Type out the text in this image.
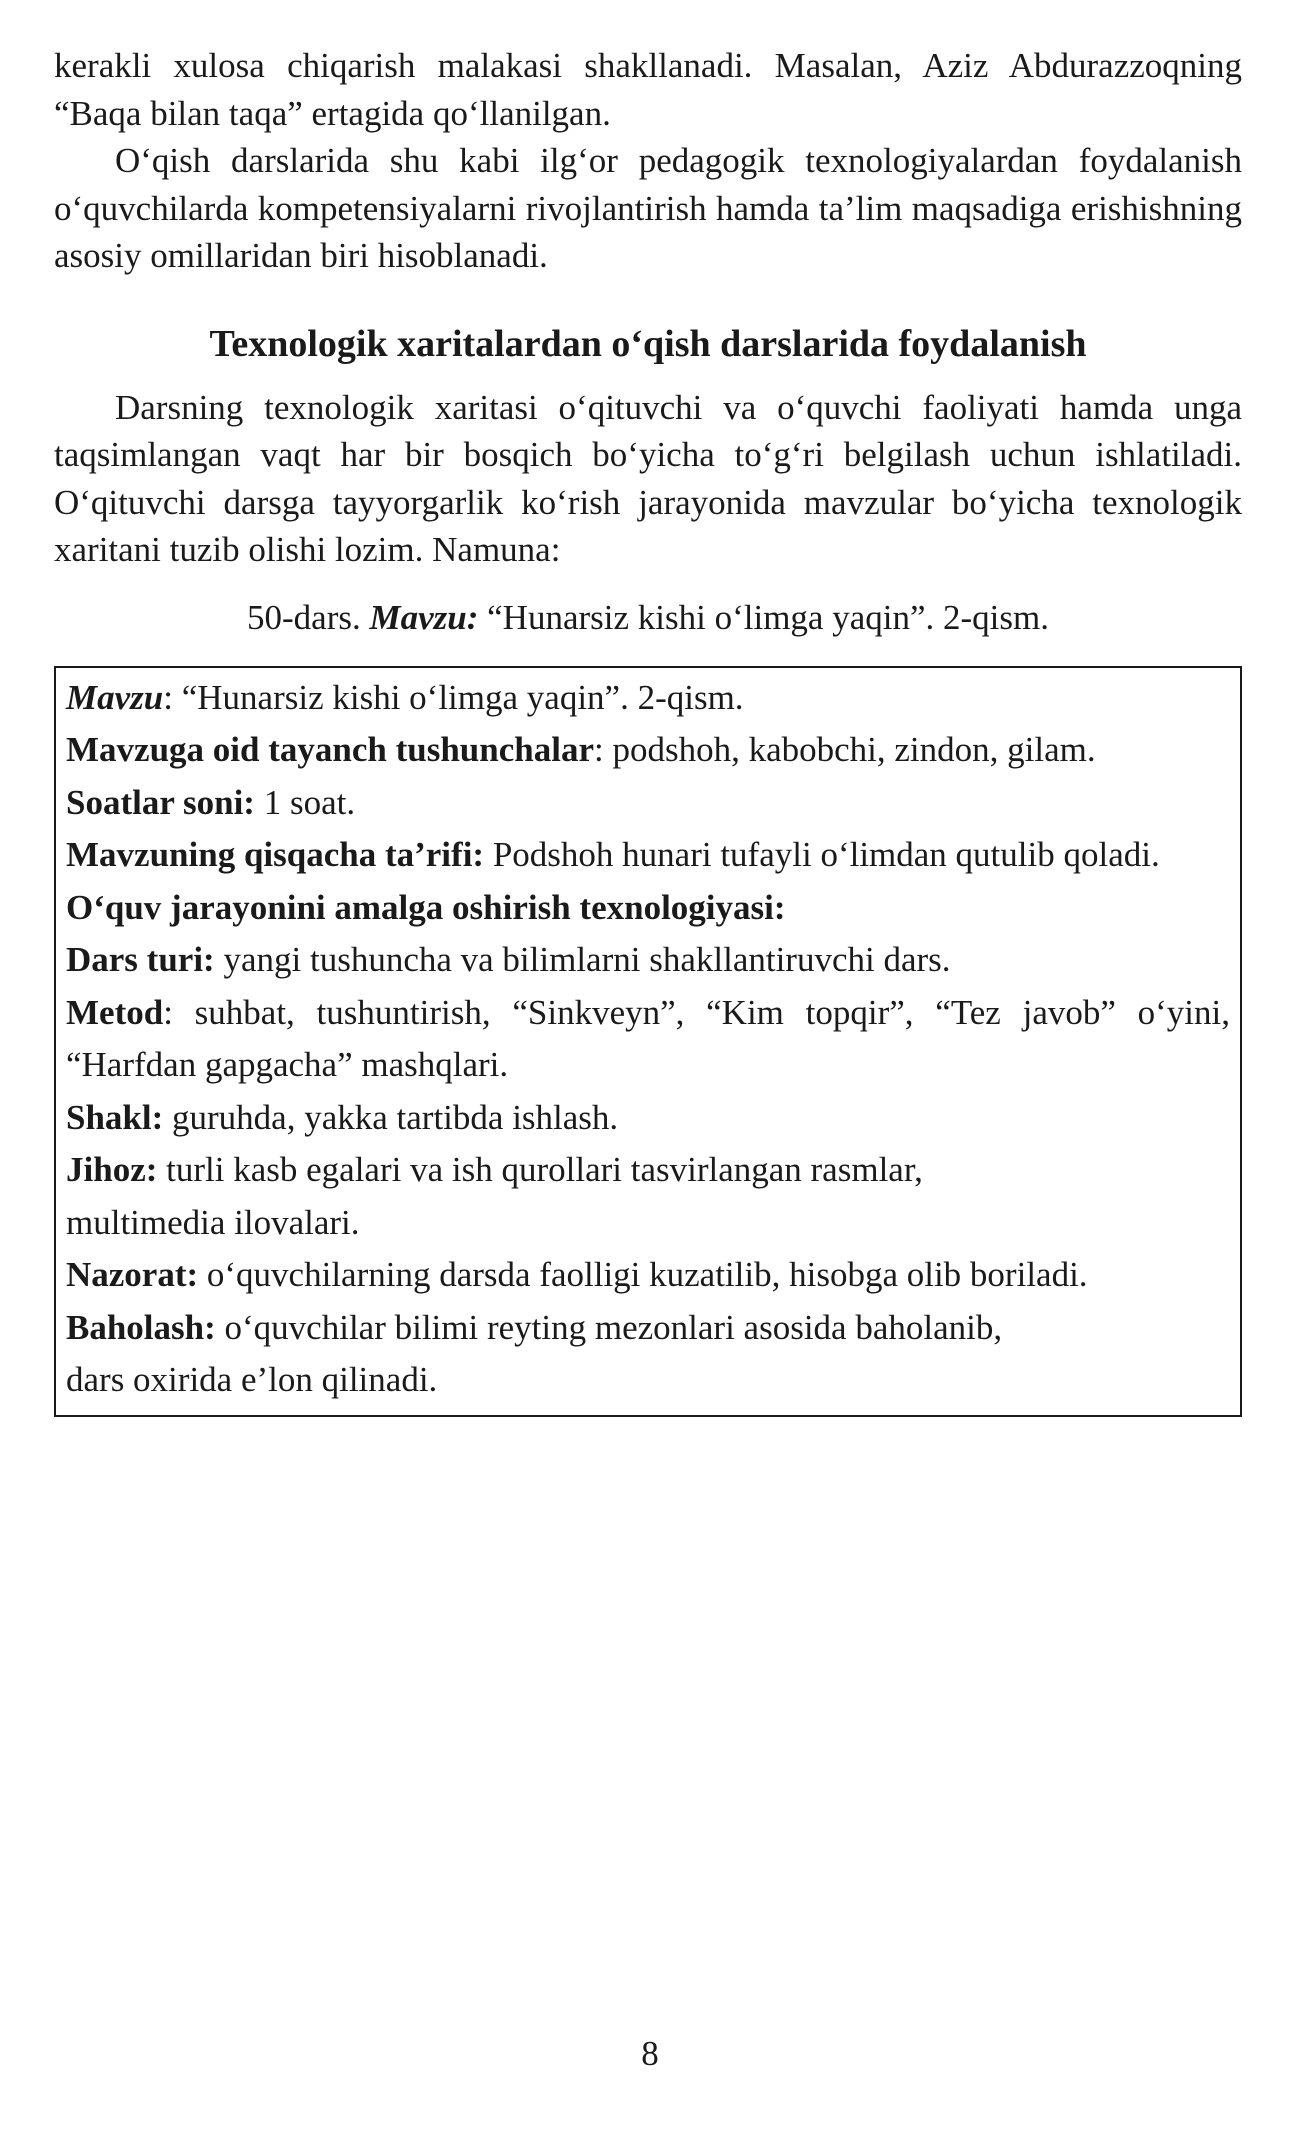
kerakli xulosa chiqarish malakasi shakllanadi. Masalan, Aziz Abdurazzoqning “Baqa bilan taqa” ertagida qo‘llanilgan.

O‘qish darslarida shu kabi ilg‘or pedagogik texnologiyalardan foydalanish o‘quvchilarda kompetensiyalarni rivojlantirish hamda ta’lim maqsadiga erishishning asosiy omillaridan biri hisoblanadi.

Texnologik xaritalardan o‘qish darslarida foydalanish

Darsning texnologik xaritasi o‘qituvchi va o‘quvchi faoliyati hamda unga taqsimlangan vaqt har bir bosqich bo‘yicha to‘g‘ri belgilash uchun ishlatiladi. O‘qituvchi darsga tayyorgarlik ko‘rish jarayonida mavzular bo‘yicha texnologik xaritani tuzib olishi lozim. Namuna:

50-dars. Mavzu: “Hunarsiz kishi o‘limga yaqin”. 2-qism.

Mavzu: “Hunarsiz kishi o‘limga yaqin”. 2-qism.

Mavzuga oid tayanch tushunchalar: podshoh, kabobchi, zindon, gilam.

Soatlar soni: 1 soat.

Mavzuning qisqacha ta’rifi: Podshoh hunari tufayli o‘limdan qutulib qoladi.

O‘quv jarayonini amalga oshirish texnologiyasi:

Dars turi: yangi tushuncha va bilimlarni shakllantiruvchi dars.

Metod: suhbat, tushuntirish, “Sinkveyn”, “Kim topqir”, “Tez javob” o‘yini, “Harfdan gapgacha” mashqlari.

Shakl: guruhda, yakka tartibda ishlash.

Jihoz: turli kasb egalari va ish qurollari tasvirlangan rasmlar,
multimedia ilovalari.

Nazorat: o‘quvchilarning darsda faolligi kuzatilib, hisobga olib boriladi.

Baholash: o‘quvchilar bilimi reyting mezonlari asosida baholanib,
dars oxirida e’lon qilinadi.

8
